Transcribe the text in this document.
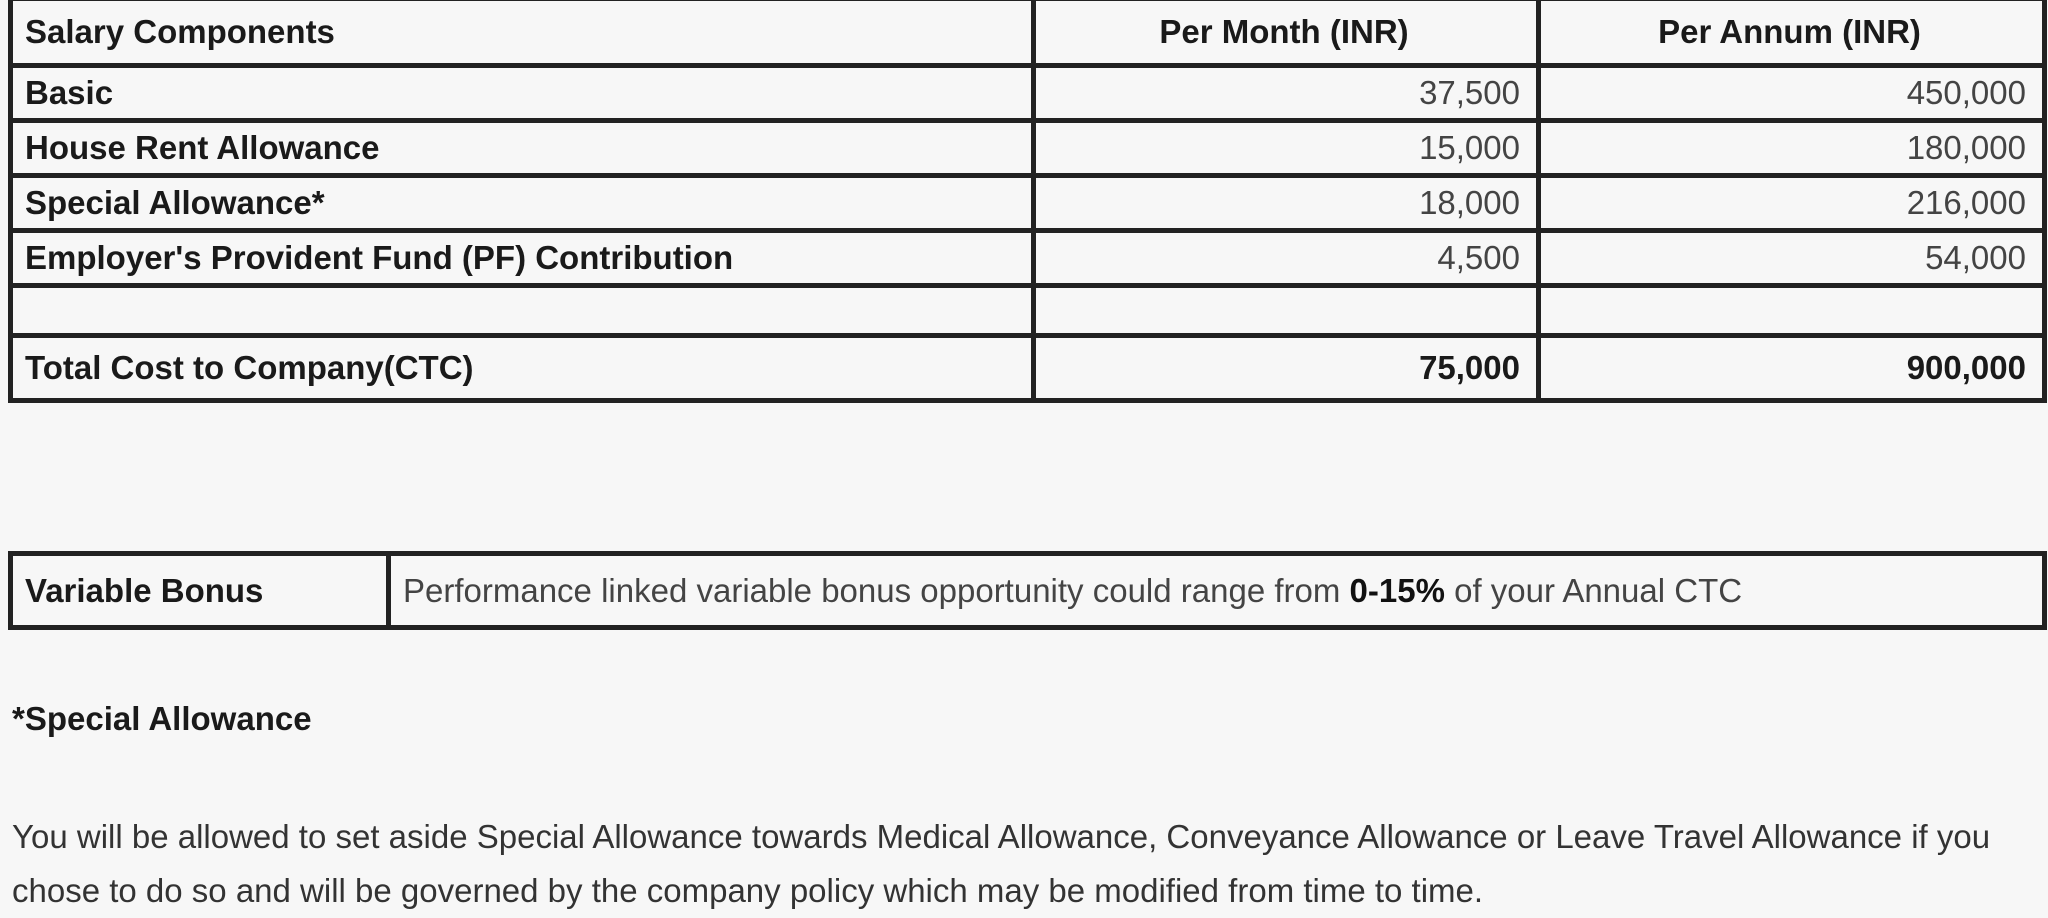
Salary Components	Per Month (INR)	Per Annum (INR)
Basic	37,500	450,000
House Rent Allowance	15,000	180,000
Special Allowance*	18,000	216,000
Employer's Provident Fund (PF) Contribution	4,500	54,000

Total Cost to Company(CTC)	75,000	900,000
Variable Bonus	Performance linked variable bonus opportunity could range from 0-15% of your Annual CTC

*Special Allowance

You will be allowed to set aside Special Allowance towards Medical Allowance, Conveyance Allowance or Leave Travel Allowance if you chose to do so and will be governed by the company policy which may be modified from time to time.
